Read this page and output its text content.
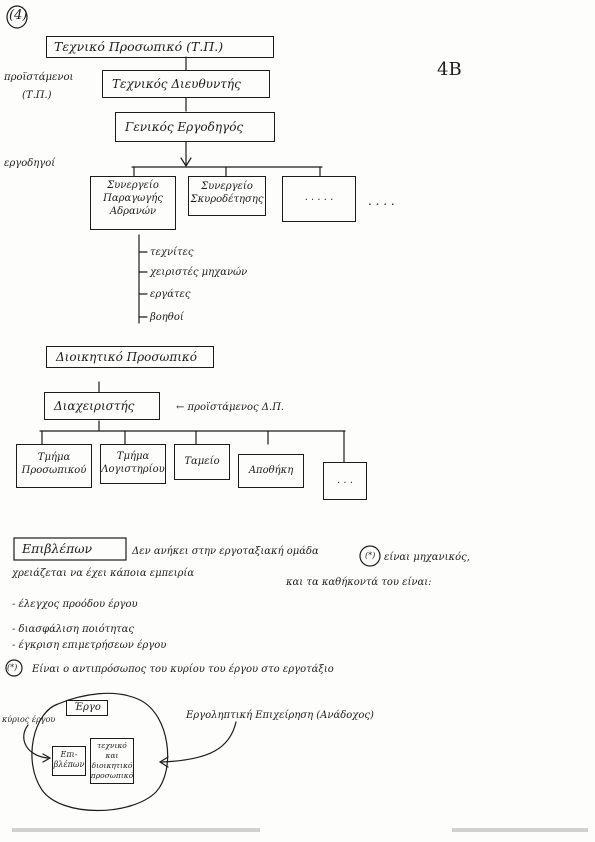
(4)
4B
Τεχνικό Προσωπικό (Τ.Π.)
προϊστάμενοι
(Τ.Π.)
Τεχνικός Διευθυντής
Γενικός Εργοδηγός
εργοδηγοί
Συνεργείο
Παραγωγής
Αδρανών
Συνεργείο
Σκυροδέτησης	. . . . .	. . . .
τεχνίτες
χειριστές μηχανών
εργάτες
βοηθοί
Διοικητικό Προσωπικό
Διαχειριστής	← προϊστάμενος Δ.Π.
Τμήμα
Προσωπικού
Τμήμα
Λογιστηρίου
Ταμείο
Αποθήκη
. . .
Επιβλέπων	Δεν ανήκει στην εργοταξιακή ομάδα	(*) είναι μηχανικός,
χρειάζεται να έχει κάποια εμπειρία
και τα καθήκοντά του είναι:
- έλεγχος προόδου έργου
- διασφάλιση ποιότητας
- έγκριση επιμετρήσεων έργου
(*) Είναι ο αντιπρόσωπος του κυρίου του έργου στο εργοτάξιο
Έργο
κύριος έργου
Επι-
βλέπων
τεχνικό
και
διοικητικό
προσωπικό
Εργοληπτική Επιχείρηση (Ανάδοχος)
